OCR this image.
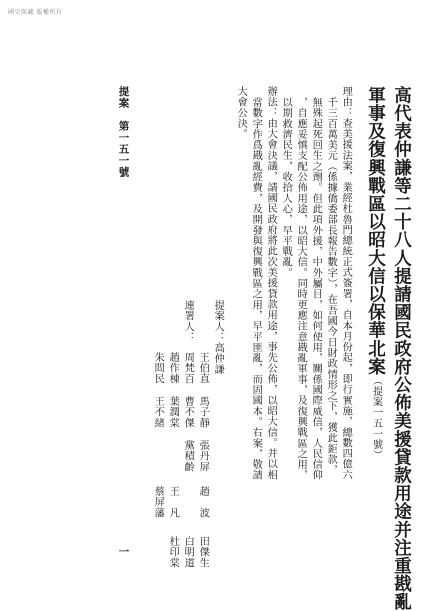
國史館藏 版權所有
高代表仲謙等二十八人提請國民政府公佈美援貸款用途并注重戡亂
軍事及復興戰區以昭大信以保華北案（提案一五一號）
理由：查美援法案，業經杜魯門總統正式簽署，自本月份起，即行實施，總數四億六
千三百萬美元（係據僑委部長報告數字），在吾國今日財政情形之下，獲此鉅款，
無殊起死回生之劑。但此項外援，中外屬目，如何使用，關係國際威信，人民信仰
，自應妥慎支配公佈用途，以昭大信。同時更應注意戡亂軍事，及復興戰區之用，
以期救濟民生，收拾人心，早平戰亂。
辦法：由大會決議，請國民政府將此次美援貸款用途，事先公佈，以昭大信。并以相
當數字作爲戡亂經費，及開發與復興戰區之用，早平匪亂，而固國本。右案，敬請
大會公決。
提案人：高仲謙
連署人：
王伯直
馬子靜
張丹屏
趙　波
田傑生
周梵百
曹不傑
黨積齡
白明道
趙作棟
葉潤棠
王　凡
杜印棠
朱問民
王不緒
蔡屏藩
提案　第一五一號
一
